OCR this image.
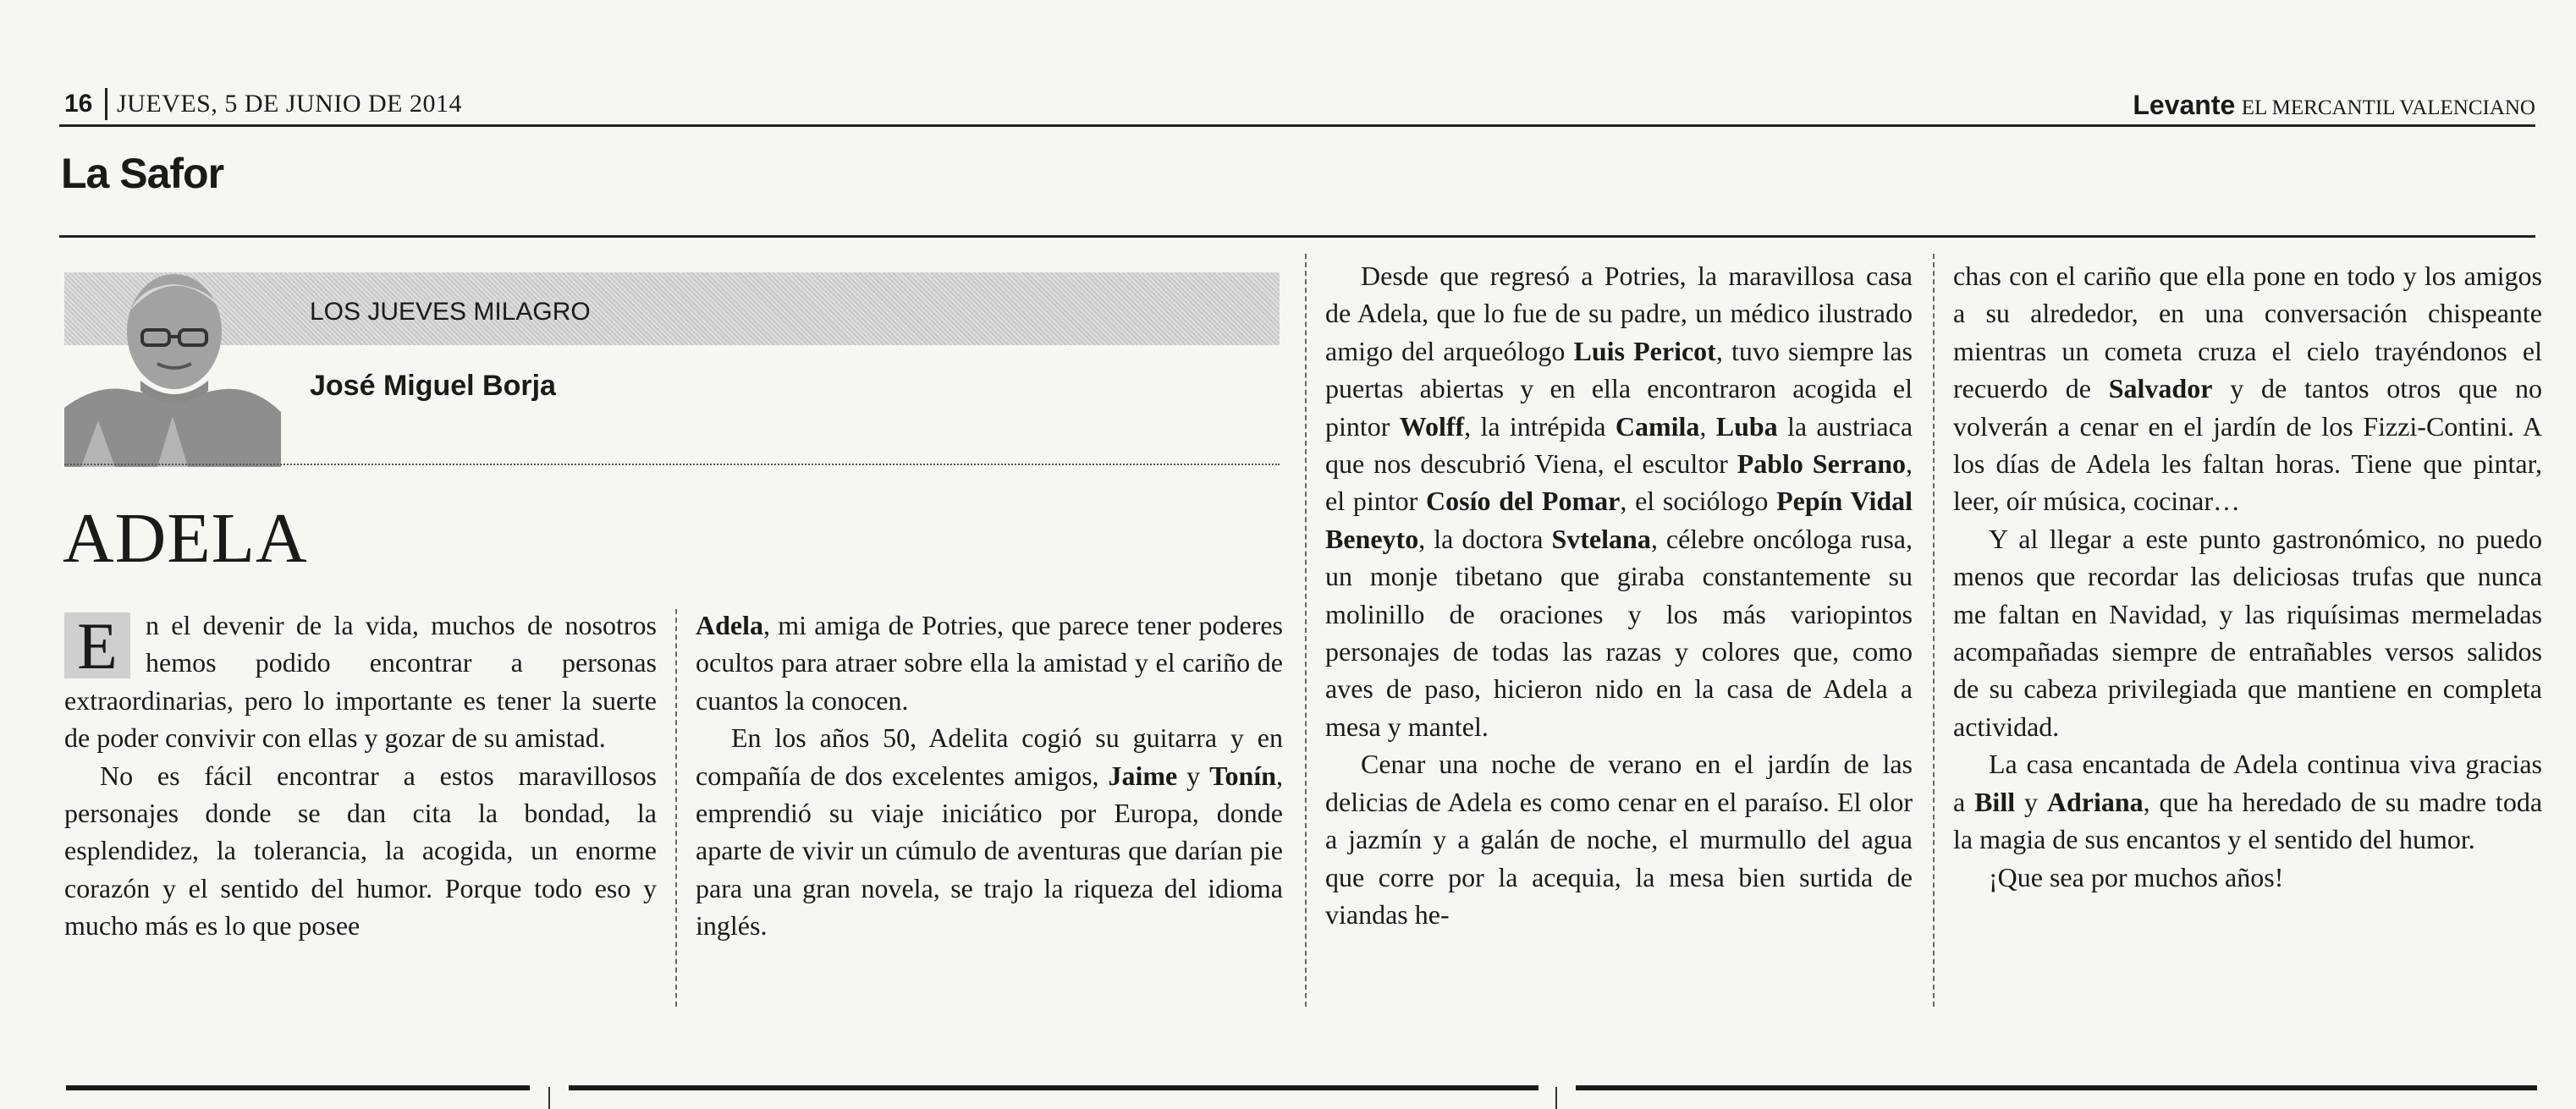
16 JUEVES, 5 DE JUNIO DE 2014	Levante EL MERCANTIL VALENCIANO
La Safor
LOS JUEVES MILAGRO
José Miguel Borja
ADELA
E	n el devenir de la vida, muchos de nosotros hemos podido encontrar a personas extraordinarias, pero lo importante es tener la suerte de poder convivir con ellas y gozar de su amistad.

No es fácil encontrar a estos maravillosos personajes donde se dan cita la bondad, la esplendidez, la tolerancia, la acogida, un enorme corazón y el sentido del humor. Porque todo eso y mucho más es lo que posee

Adela, mi amiga de Potries, que parece tener poderes ocultos para atraer sobre ella la amistad y el cariño de cuantos la conocen.

En los años 50, Adelita cogió su guitarra y en compañía de dos excelentes amigos, Jaime y Tonín, emprendió su viaje iniciático por Europa, donde aparte de vivir un cúmulo de aventuras que darían pie para una gran novela, se trajo la riqueza del idioma inglés.

Desde que regresó a Potries, la maravillosa casa de Adela, que lo fue de su padre, un médico ilustrado amigo del arqueólogo Luis Pericot, tuvo siempre las puertas abiertas y en ella encontraron acogida el pintor Wolff, la intrépida Camila, Luba la austriaca que nos descubrió Viena, el escultor Pablo Serrano, el pintor Cosío del Pomar, el sociólogo Pepín Vidal Beneyto, la doctora Svtelana, célebre oncóloga rusa, un monje tibetano que giraba constantemente su molinillo de oraciones y los más variopintos personajes de todas las razas y colores que, como aves de paso, hicieron nido en la casa de Adela a mesa y mantel.

Cenar una noche de verano en el jardín de las delicias de Adela es como cenar en el paraíso. El olor a jazmín y a galán de noche, el murmullo del agua que corre por la acequia, la mesa bien surtida de viandas he-

chas con el cariño que ella pone en todo y los amigos a su alrededor, en una conversación chispeante mientras un cometa cruza el cielo trayéndonos el recuerdo de Salvador y de tantos otros que no volverán a cenar en el jardín de los Fizzi-Contini. A los días de Adela les faltan horas. Tiene que pintar, leer, oír música, cocinar…

Y al llegar a este punto gastronómico, no puedo menos que recordar las deliciosas trufas que nunca me faltan en Navidad, y las riquísimas mermeladas acompañadas siempre de entrañables versos salidos de su cabeza privilegiada que mantiene en completa actividad.

La casa encantada de Adela continua viva gracias a Bill y Adriana, que ha heredado de su madre toda la magia de sus encantos y el sentido del humor.

¡Que sea por muchos años!
